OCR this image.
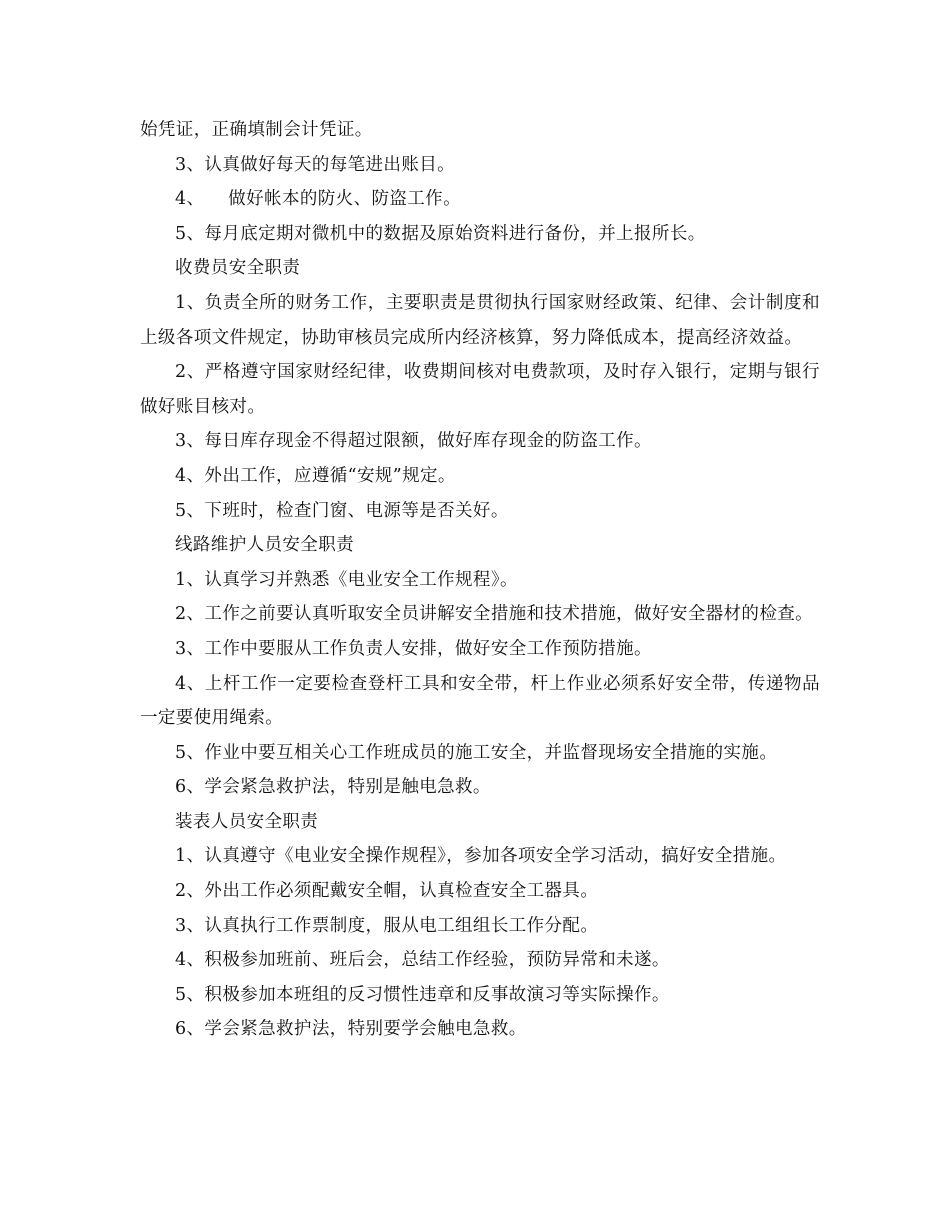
始凭证，正确填制会计凭证。

3、认真做好每天的每笔进出账目。

4、    做好帐本的防火、防盗工作。

5、每月底定期对微机中的数据及原始资料进行备份，并上报所长。

收费员安全职责

1、负责全所的财务工作，主要职责是贯彻执行国家财经政策、纪律、会计制度和上级各项文件规定，协助审核员完成所内经济核算，努力降低成本，提高经济效益。

2、严格遵守国家财经纪律，收费期间核对电费款项，及时存入银行，定期与银行做好账目核对。

3、每日库存现金不得超过限额，做好库存现金的防盗工作。

4、外出工作，应遵循“安规”规定。

5、下班时，检查门窗、电源等是否关好。

线路维护人员安全职责

1、认真学习并熟悉《电业安全工作规程》。

2、工作之前要认真听取安全员讲解安全措施和技术措施，做好安全器材的检查。

3、工作中要服从工作负责人安排，做好安全工作预防措施。

4、上杆工作一定要检查登杆工具和安全带，杆上作业必须系好安全带，传递物品一定要使用绳索。

5、作业中要互相关心工作班成员的施工安全，并监督现场安全措施的实施。

6、学会紧急救护法，特别是触电急救。

装表人员安全职责

1、认真遵守《电业安全操作规程》，参加各项安全学习活动，搞好安全措施。

2、外出工作必须配戴安全帽，认真检查安全工器具。

3、认真执行工作票制度，服从电工组组长工作分配。

4、积极参加班前、班后会，总结工作经验，预防异常和未遂。

5、积极参加本班组的反习惯性违章和反事故演习等实际操作。

6、学会紧急救护法，特别要学会触电急救。
